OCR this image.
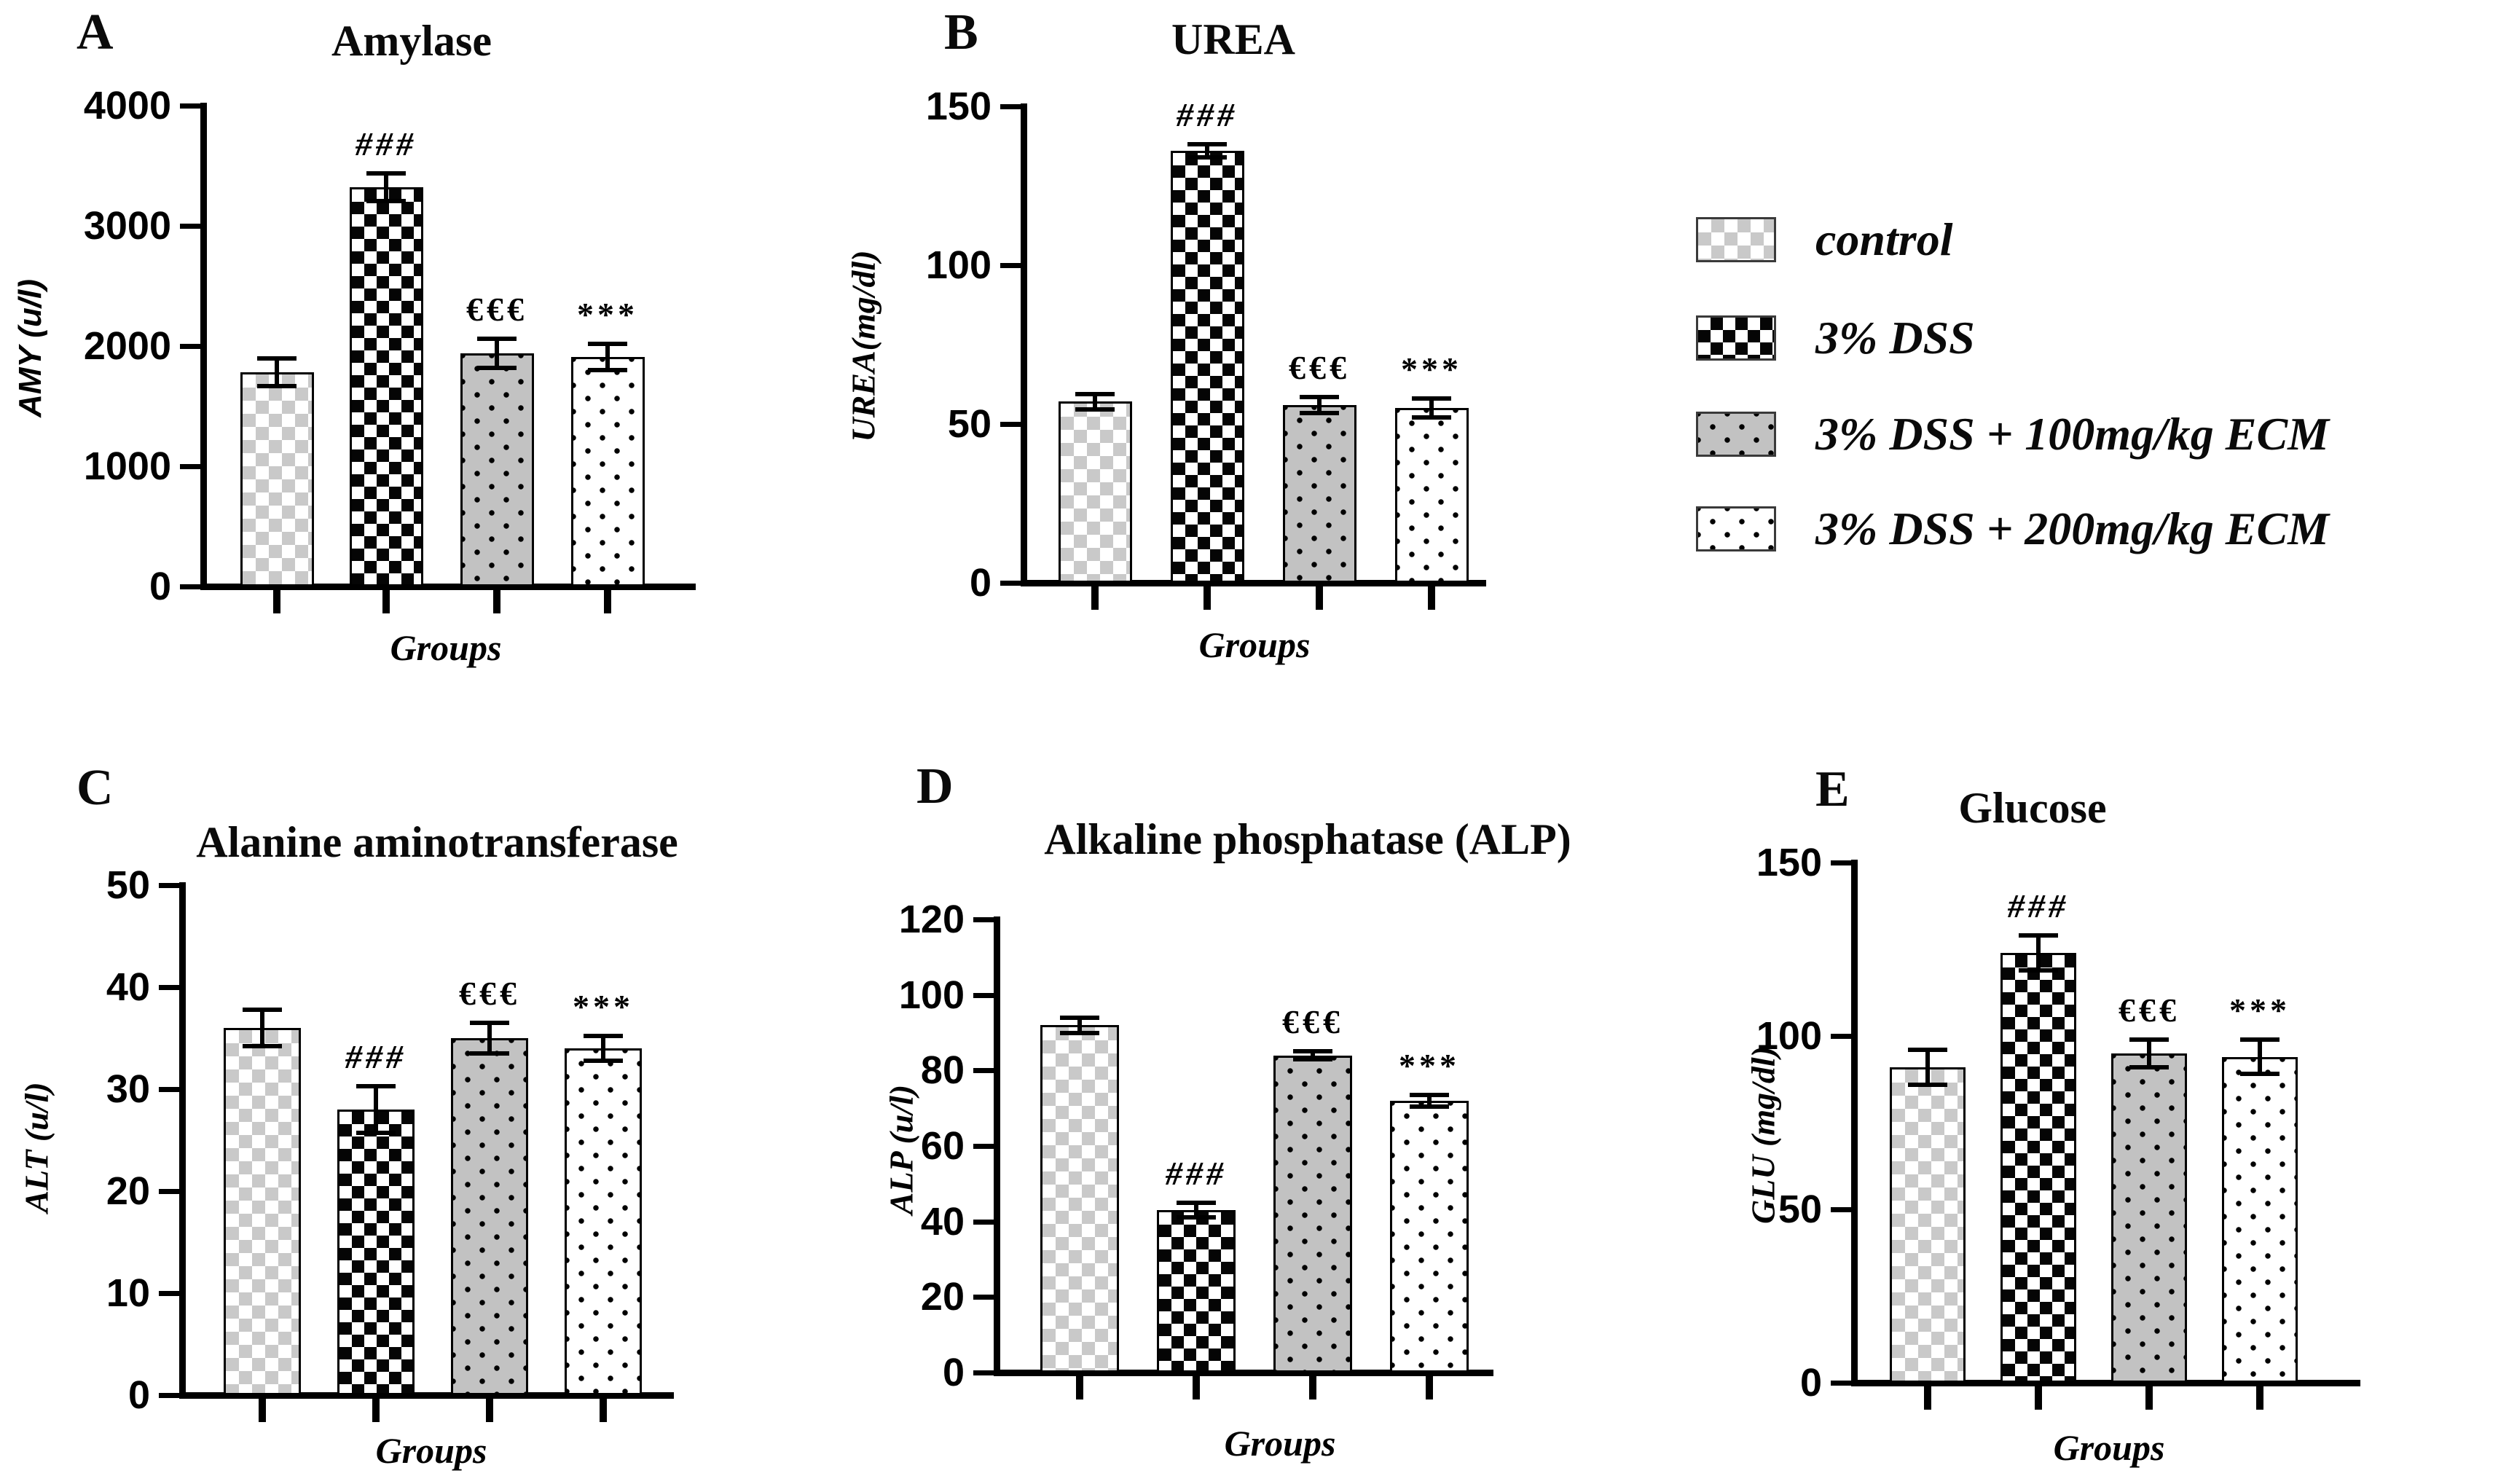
A	Amylase
AMY (u/l)
Groups
0
1000
2000
3000
4000
###
€€€ ***
B	UREA
UREA(mg/dl)
Groups
0
50
100
150	###
€€€ ***
C
Alanine aminotransferase
ALT (u/l)
Groups
0
10
20
30
40
50
###
€€€ ***
D
Alkaline phosphatase (ALP)
ALP (u/l)
Groups
0
20
40
60
80
100
120
###
€€€
***
E Glucose
GLU (mg/dl)
Groups
0
50
100
150
###
€€€ ***
control
3% DSS
3% DSS + 100mg/kg ECM
3% DSS + 200mg/kg ECM
